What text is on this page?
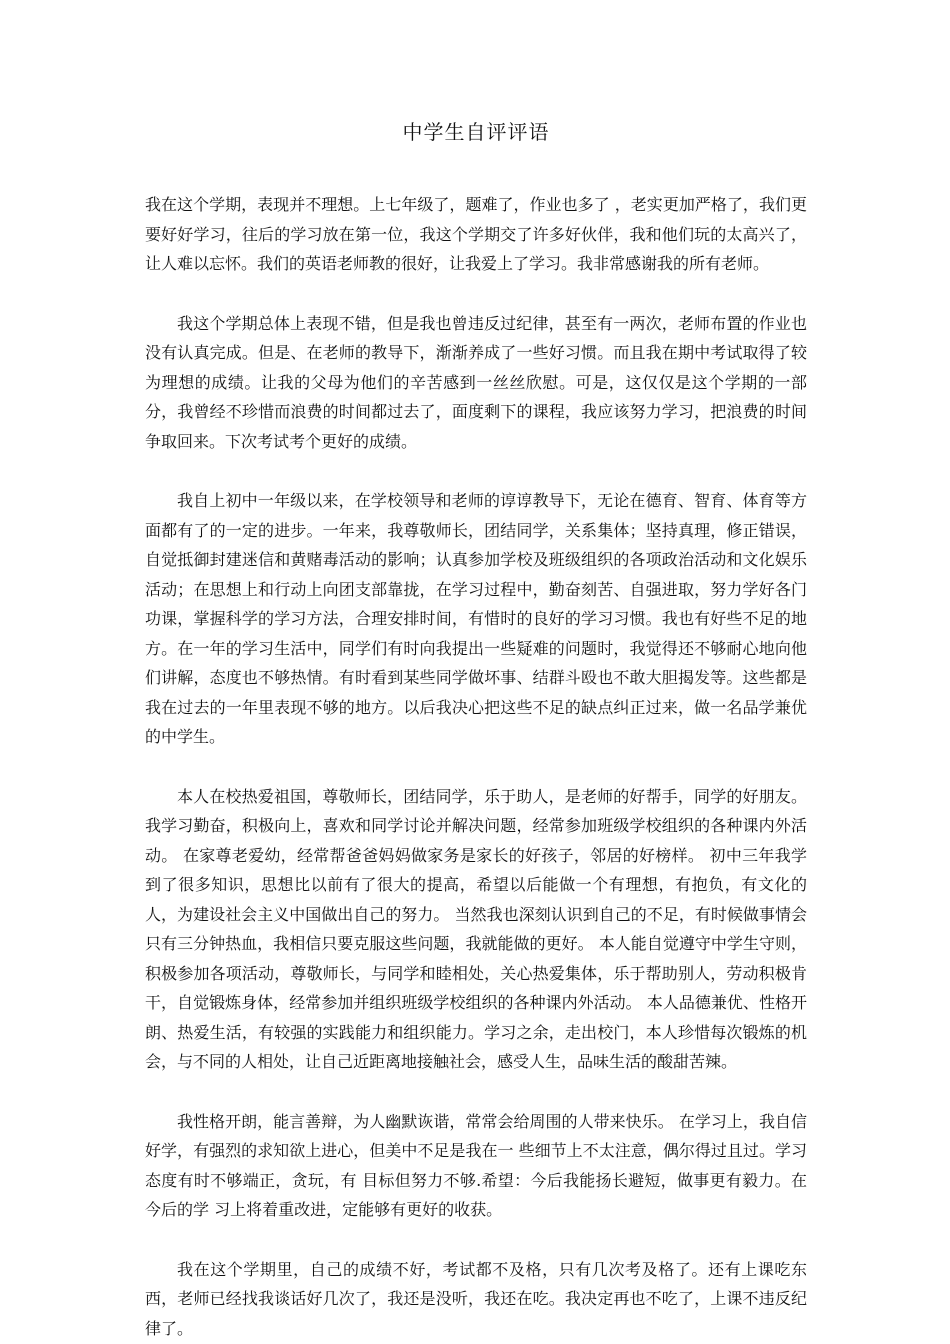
中学生自评评语

我在这个学期，表现并不理想。上七年级了，题难了，作业也多了 ，老实更加严格了，我们更要好好学习，往后的学习放在第一位，我这个学期交了许多好伙伴，我和他们玩的太高兴了，让人难以忘怀。我们的英语老师教的很好，让我爱上了学习。我非常感谢我的所有老师。

我这个学期总体上表现不错，但是我也曾违反过纪律，甚至有一两次，老师布置的作业也没有认真完成。但是、在老师的教导下，渐渐养成了一些好习惯。而且我在期中考试取得了较为理想的成绩。让我的父母为他们的辛苦感到一丝丝欣慰。可是，这仅仅是这个学期的一部分，我曾经不珍惜而浪费的时间都过去了，面度剩下的课程，我应该努力学习，把浪费的时间争取回来。下次考试考个更好的成绩。

我自上初中一年级以来，在学校领导和老师的谆谆教导下，无论在德育、智育、体育等方面都有了的一定的进步。一年来，我尊敬师长，团结同学，关系集体；坚持真理，修正错误，自觉抵御封建迷信和黄赌毒活动的影响；认真参加学校及班级组织的各项政治活动和文化娱乐活动；在思想上和行动上向团支部靠拢，在学习过程中，勤奋刻苦、自强进取，努力学好各门功课，掌握科学的学习方法，合理安排时间，有惜时的良好的学习习惯。我也有好些不足的地方。在一年的学习生活中，同学们有时向我提出一些疑难的问题时，我觉得还不够耐心地向他们讲解，态度也不够热情。有时看到某些同学做坏事、结群斗殴也不敢大胆揭发等。这些都是我在过去的一年里表现不够的地方。以后我决心把这些不足的缺点纠正过来，做一名品学兼优的中学生。

本人在校热爱祖国，尊敬师长，团结同学，乐于助人，是老师的好帮手，同学的好朋友。我学习勤奋，积极向上，喜欢和同学讨论并解决问题，经常参加班级学校组织的各种课内外活动。 在家尊老爱幼，经常帮爸爸妈妈做家务是家长的好孩子，邻居的好榜样。 初中三年我学到了很多知识，思想比以前有了很大的提高，希望以后能做一个有理想，有抱负，有文化的人，为建设社会主义中国做出自己的努力。 当然我也深刻认识到自己的不足，有时候做事情会只有三分钟热血，我相信只要克服这些问题，我就能做的更好。 本人能自觉遵守中学生守则，积极参加各项活动，尊敬师长，与同学和睦相处，关心热爱集体，乐于帮助别人，劳动积极肯干，自觉锻炼身体，经常参加并组织班级学校组织的各种课内外活动。 本人品德兼优、性格开朗、热爱生活，有较强的实践能力和组织能力。学习之余，走出校门，本人珍惜每次锻炼的机会，与不同的人相处，让自己近距离地接触社会，感受人生，品味生活的酸甜苦辣。

我性格开朗，能言善辩，为人幽默诙谐，常常会给周围的人带来快乐。 在学习上，我自信好学，有强烈的求知欲上进心，但美中不足是我在一 些细节上不太注意，偶尔得过且过。学习态度有时不够端正，贪玩，有 目标但努力不够.希望：今后我能扬长避短，做事更有毅力。在今后的学 习上将着重改进，定能够有更好的收获。

我在这个学期里，自己的成绩不好，考试都不及格，只有几次考及格了。还有上课吃东西，老师已经找我谈话好几次了，我还是没听，我还在吃。我决定再也不吃了，上课不违反纪律了。
